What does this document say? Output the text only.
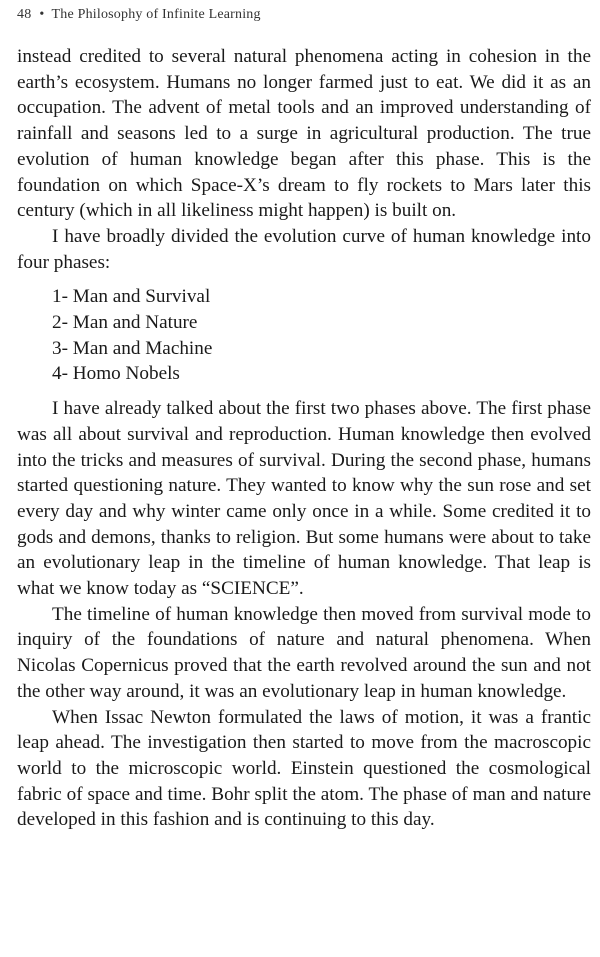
48 • The Philosophy of Infinite Learning

instead credited to several natural phenomena acting in cohesion in the earth’s ecosystem. Humans no longer farmed just to eat. We did it as an occupation. The advent of metal tools and an improved understanding of rainfall and seasons led to a surge in agricultural production. The true evolution of human knowledge began after this phase. This is the foundation on which Space-X’s dream to fly rockets to Mars later this century (which in all likeliness might happen) is built on.

I have broadly divided the evolution curve of human knowledge into four phases:

1- Man and Survival
2- Man and Nature
3- Man and Machine
4- Homo Nobels

I have already talked about the first two phases above. The first phase was all about survival and reproduction. Human knowledge then evolved into the tricks and measures of survival. During the second phase, humans started questioning nature. They wanted to know why the sun rose and set every day and why winter came only once in a while. Some credited it to gods and demons, thanks to religion. But some humans were about to take an evolutionary leap in the timeline of human knowledge. That leap is what we know today as “SCIENCE”.

The timeline of human knowledge then moved from survival mode to inquiry of the foundations of nature and natural phenomena. When Nicolas Copernicus proved that the earth revolved around the sun and not the other way around, it was an evolutionary leap in human knowledge.

When Issac Newton formulated the laws of motion, it was a frantic leap ahead. The investigation then started to move from the macroscopic world to the microscopic world. Einstein questioned the cosmological fabric of space and time. Bohr split the atom. The phase of man and nature developed in this fashion and is continuing to this day.
